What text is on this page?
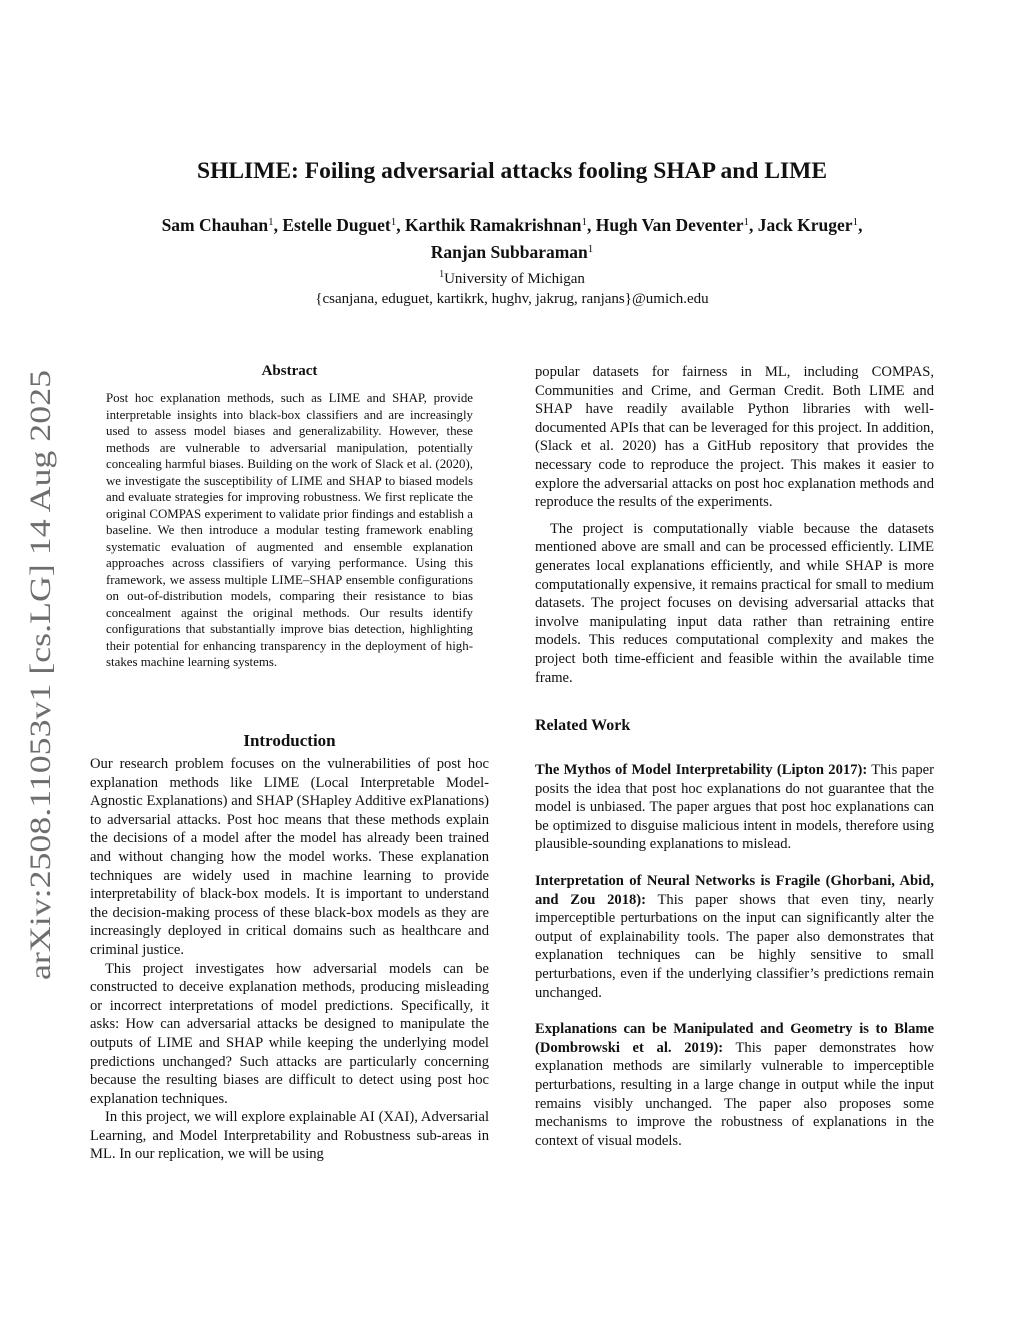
arXiv:2508.11053v1 [cs.LG] 14 Aug 2025
SHLIME: Foiling adversarial attacks fooling SHAP and LIME
Sam Chauhan$^1$, Estelle Duguet$^1$, Karthik Ramakrishnan$^1$, Hugh Van Deventer$^1$, Jack Kruger$^1$,
Ranjan Subbaraman$^1$
$^1$University of Michigan
{csanjana, eduguet, kartikrk, hughv, jakrug, ranjans}@umich.edu
Abstract

Post hoc explanation methods, such as LIME and SHAP, provide interpretable insights into black-box classifiers and are increasingly used to assess model biases and generalizability. However, these methods are vulnerable to adversarial manipulation, potentially concealing harmful biases. Building on the work of Slack et al. (2020), we investigate the susceptibility of LIME and SHAP to biased models and evaluate strategies for improving robustness. We first replicate the original COMPAS experiment to validate prior findings and establish a baseline. We then introduce a modular testing framework enabling systematic evaluation of augmented and ensemble explanation approaches across classifiers of varying performance. Using this framework, we assess multiple LIME–SHAP ensemble configurations on out-of-distribution models, comparing their resistance to bias concealment against the original methods. Our results identify configurations that substantially improve bias detection, highlighting their potential for enhancing transparency in the deployment of high-stakes machine learning systems.

Introduction

Our research problem focuses on the vulnerabilities of post hoc explanation methods like LIME (Local Interpretable Model-Agnostic Explanations) and SHAP (SHapley Additive exPlanations) to adversarial attacks. Post hoc means that these methods explain the decisions of a model after the model has already been trained and without changing how the model works. These explanation techniques are widely used in machine learning to provide interpretability of black-box models. It is important to understand the decision-making process of these black-box models as they are increasingly deployed in critical domains such as healthcare and criminal justice.

This project investigates how adversarial models can be constructed to deceive explanation methods, producing misleading or incorrect interpretations of model predictions. Specifically, it asks: How can adversarial attacks be designed to manipulate the outputs of LIME and SHAP while keeping the underlying model predictions unchanged? Such attacks are particularly concerning because the resulting biases are difficult to detect using post hoc explanation techniques.

In this project, we will explore explainable AI (XAI), Adversarial Learning, and Model Interpretability and Robustness sub-areas in ML. In our replication, we will be using

popular datasets for fairness in ML, including COMPAS, Communities and Crime, and German Credit. Both LIME and SHAP have readily available Python libraries with well-documented APIs that can be leveraged for this project. In addition, (Slack et al. 2020) has a GitHub repository that provides the necessary code to reproduce the project. This makes it easier to explore the adversarial attacks on post hoc explanation methods and reproduce the results of the experiments.

The project is computationally viable because the datasets mentioned above are small and can be processed efficiently. LIME generates local explanations efficiently, and while SHAP is more computationally expensive, it remains practical for small to medium datasets. The project focuses on devising adversarial attacks that involve manipulating input data rather than retraining entire models. This reduces computational complexity and makes the project both time-efficient and feasible within the available time frame.

Related Work

The Mythos of Model Interpretability (Lipton 2017): This paper posits the idea that post hoc explanations do not guarantee that the model is unbiased. The paper argues that post hoc explanations can be optimized to disguise malicious intent in models, therefore using plausible-sounding explanations to mislead.

Interpretation of Neural Networks is Fragile (Ghorbani, Abid, and Zou 2018): This paper shows that even tiny, nearly imperceptible perturbations on the input can significantly alter the output of explainability tools. The paper also demonstrates that explanation techniques can be highly sensitive to small perturbations, even if the underlying classifier’s predictions remain unchanged.

Explanations can be Manipulated and Geometry is to Blame (Dombrowski et al. 2019): This paper demonstrates how explanation methods are similarly vulnerable to imperceptible perturbations, resulting in a large change in output while the input remains visibly unchanged. The paper also proposes some mechanisms to improve the robustness of explanations in the context of visual models.
